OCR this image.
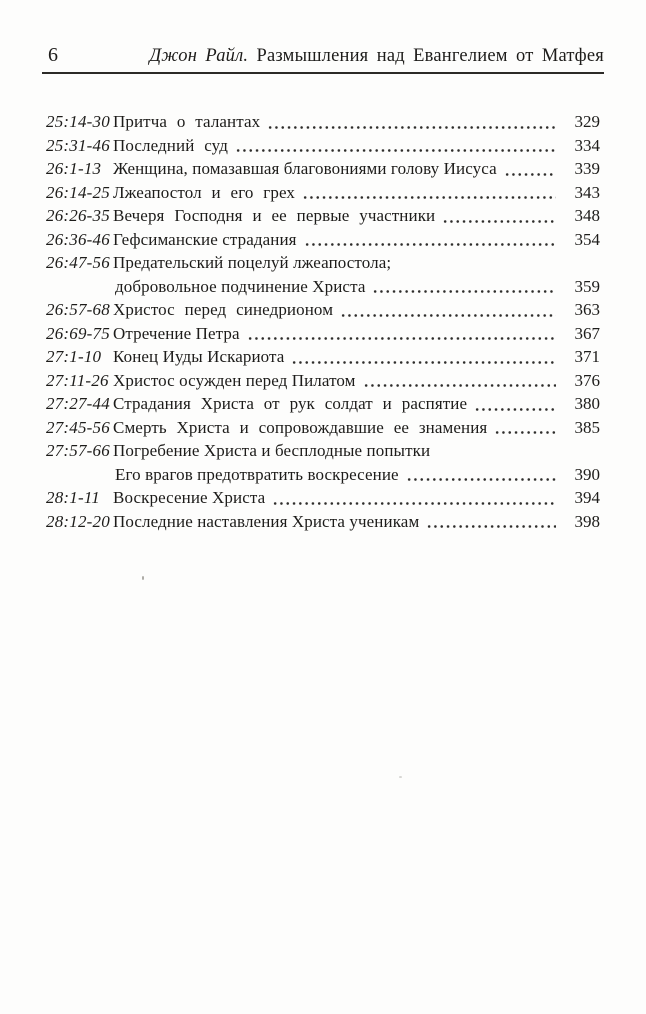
6	Джон Райл. Размышления над Евангелием от Матфея
25:14-30 Притча о талантах	329
25:31-46 Последний суд	334
26:1-13 Женщина, помазавшая благовониями голову Иисуса	339
26:14-25 Лжеапостол и его грех	343
26:26-35 Вечеря Господня и ее первые участники	348
26:36-46 Гефсиманские страдания	354
26:47-56 Предательский поцелуй лжеапостола;
добровольное подчинение Христа	359
26:57-68 Христос перед синедрионом	363
26:69-75 Отречение Петра	367
27:1-10 Конец Иуды Искариота	371
27:11-26 Христос осужден перед Пилатом	376
27:27-44 Страдания Христа от рук солдат и распятие	380
27:45-56 Смерть Христа и сопровождавшие ее знамения	385
27:57-66 Погребение Христа и бесплодные попытки
Его врагов предотвратить воскресение	390
28:1-11 Воскресение Христа	394
28:12-20 Последние наставления Христа ученикам	398
